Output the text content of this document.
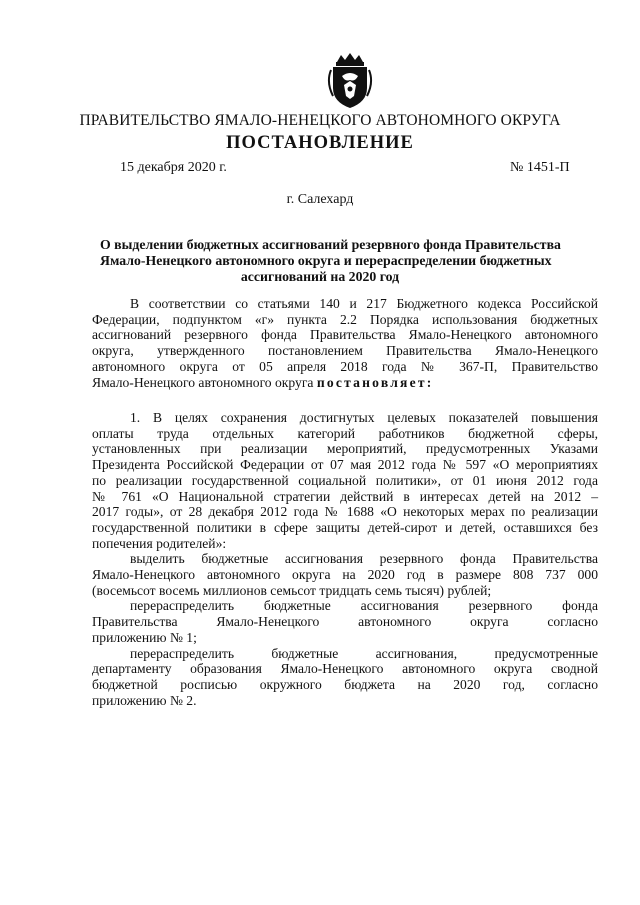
ПРАВИТЕЛЬСТВО ЯМАЛО-НЕНЕЦКОГО АВТОНОМНОГО ОКРУГА
ПОСТАНОВЛЕНИЕ
15 декабря 2020 г.	№ 1451-П
г. Салехард
О выделении бюджетных ассигнований резервного фонда Правительства
Ямало-Ненецкого автономного округа и перераспределении бюджетных
ассигнований на 2020 год
В соответствии со статьями 140 и 217 Бюджетного кодекса Российской
Федерации, подпунктом «г» пункта 2.2 Порядка использования бюджетных
ассигнований резервного фонда Правительства Ямало-Ненецкого автономного
округа, утвержденного постановлением Правительства Ямало-Ненецкого
автономного округа от 05 апреля 2018 года № 367-П, Правительство
Ямало-Ненецкого автономного округа постановляет:
1. В целях сохранения достигнутых целевых показателей повышения
оплаты труда отдельных категорий работников бюджетной сферы,
установленных при реализации мероприятий, предусмотренных Указами
Президента Российской Федерации от 07 мая 2012 года № 597 «О мероприятиях
по реализации государственной социальной политики», от 01 июня 2012 года
№ 761 «О Национальной стратегии действий в интересах детей на 2012 –
2017 годы», от 28 декабря 2012 года № 1688 «О некоторых мерах по реализации
государственной политики в сфере защиты детей-сирот и детей, оставшихся без
попечения родителей»:
выделить бюджетные ассигнования резервного фонда Правительства
Ямало-Ненецкого автономного округа на 2020 год в размере 808 737 000
(восемьсот восемь миллионов семьсот тридцать семь тысяч) рублей;
перераспределить бюджетные ассигнования резервного фонда
Правительства Ямало-Ненецкого автономного округа согласно
приложению № 1;
перераспределить бюджетные ассигнования, предусмотренные
департаменту образования Ямало-Ненецкого автономного округа сводной
бюджетной росписью окружного бюджета на 2020 год, согласно
приложению № 2.
